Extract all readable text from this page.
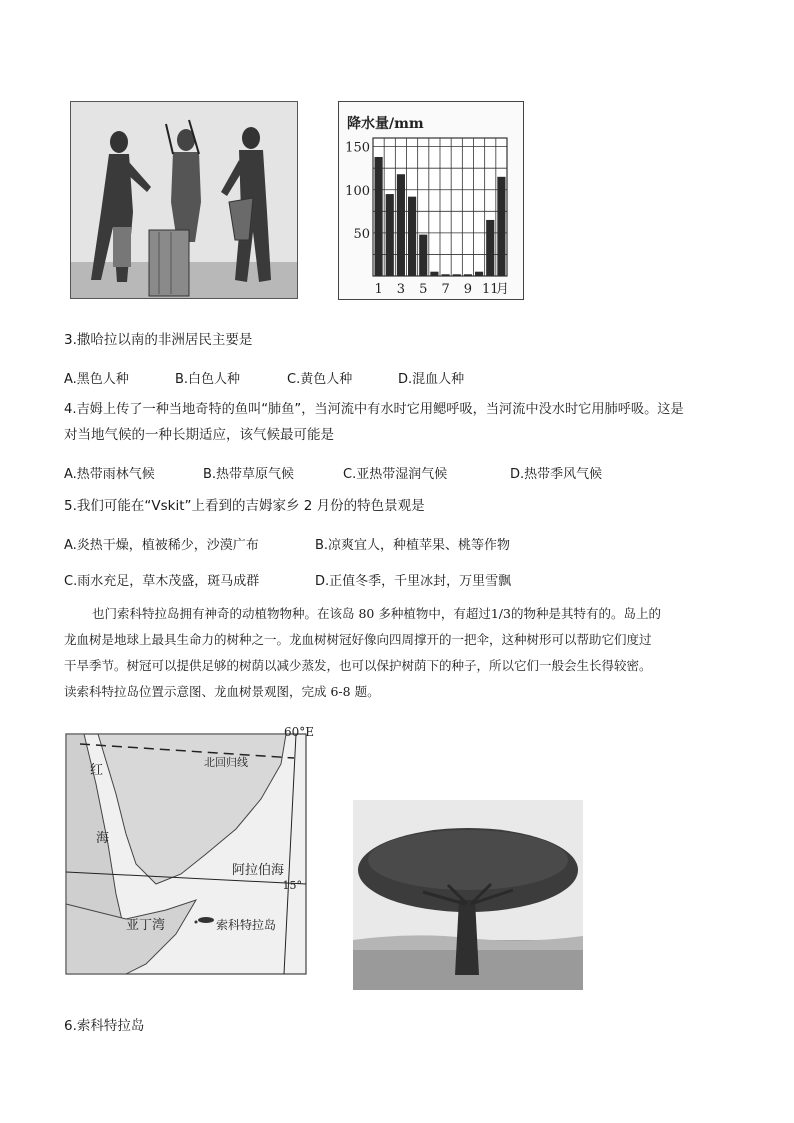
降水量/mm
150
100
50
1 3 5 7 9 11
月
3.撒哈拉以南的非洲居民主要是
A.黑色人种	B.白色人种	C.黄色人种	D.混血人种
4.吉姆上传了一种当地奇特的鱼叫“肺鱼”，当河流中有水时它用鳃呼吸，当河流中没水时它用肺呼吸。这是
对当地气候的一种长期适应，该气候最可能是
A.热带雨林气候	B.热带草原气候	C.亚热带湿润气候	D.热带季风气候
5.我们可能在“Vskit”上看到的吉姆家乡 2 月份的特色景观是
A.炎热干燥，植被稀少，沙漠广布	B.凉爽宜人，种植苹果、桃等作物
C.雨水充足，草木茂盛，斑马成群	D.正值冬季，千里冰封，万里雪飘
也门索科特拉岛拥有神奇的动植物物种。在该岛 80 多种植物中，有超过1/3的物种是其特有的。岛上的
龙血树是地球上最具生命力的树种之一。龙血树树冠好像向四周撑开的一把伞，这种树形可以帮助它们度过
干旱季节。树冠可以提供足够的树荫以减少蒸发，也可以保护树荫下的种子，所以它们一般会生长得较密。
读索科特拉岛位置示意图、龙血树景观图，完成 6-8 题。
60°E
15°
北回归线
红
海
阿拉伯海
亚丁湾	索科特拉岛
6.索科特拉岛
